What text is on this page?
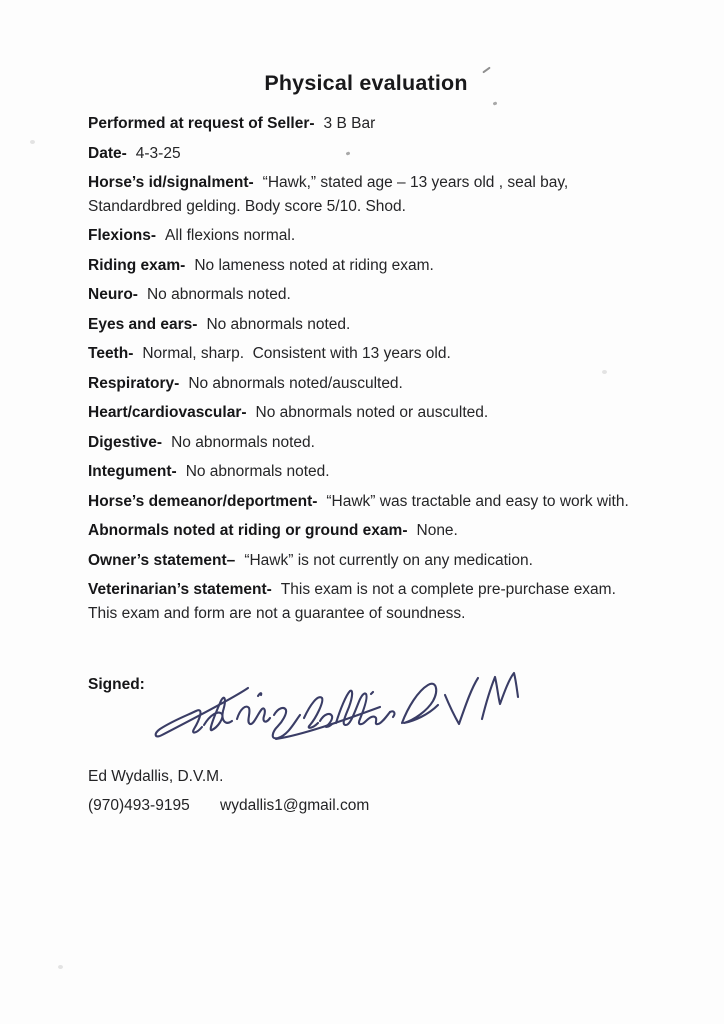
Physical evaluation

Performed at request of Seller- 3 B Bar

Date- 4-3-25

Horse’s id/signalment- “Hawk,” stated age – 13 years old , seal bay, Standardbred gelding. Body score 5/10. Shod.

Flexions- All flexions normal.

Riding exam- No lameness noted at riding exam.

Neuro- No abnormals noted.

Eyes and ears- No abnormals noted.

Teeth- Normal, sharp.  Consistent with 13 years old.

Respiratory- No abnormals noted/ausculted.

Heart/cardiovascular- No abnormals noted or ausculted.

Digestive- No abnormals noted.

Integument- No abnormals noted.

Horse’s demeanor/deportment- “Hawk” was tractable and easy to work with.

Abnormals noted at riding or ground exam- None.

Owner’s statement– “Hawk” is not currently on any medication.

Veterinarian’s statement- This exam is not a complete pre-purchase exam.  This exam and form are not a guarantee of soundness.

Signed:

Ed Wydallis, D.V.M.

(970)493-9195 wydallis1@gmail.com
